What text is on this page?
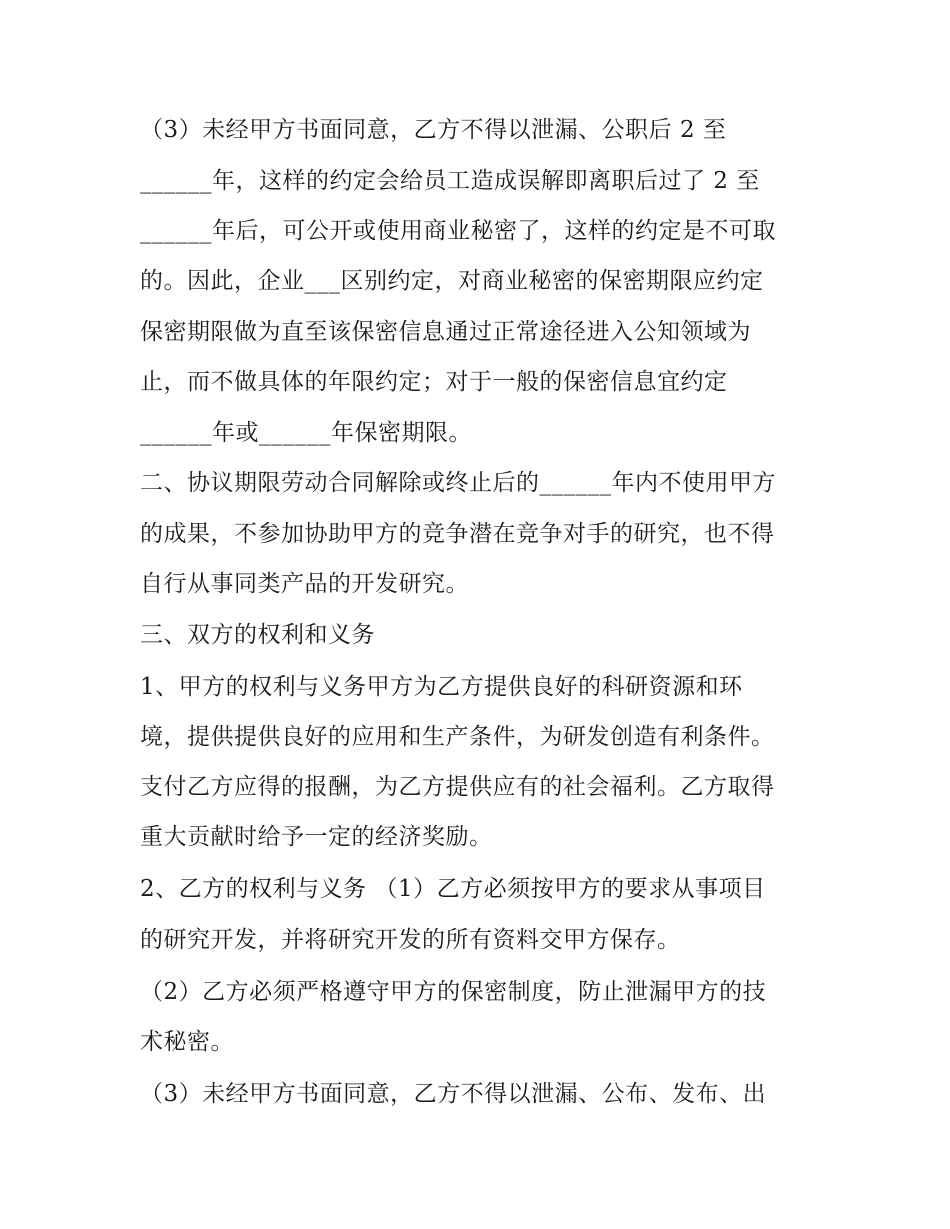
（3）未经甲方书面同意，乙方不得以泄漏、公职后 2 至
______年，这样的约定会给员工造成误解即离职后过了 2 至
______年后，可公开或使用商业秘密了，这样的约定是不可取
的。因此，企业___区别约定，对商业秘密的保密期限应约定
保密期限做为直至该保密信息通过正常途径进入公知领域为
止，而不做具体的年限约定；对于一般的保密信息宜约定
______年或______年保密期限。
二、协议期限劳动合同解除或终止后的______年内不使用甲方
的成果，不参加协助甲方的竞争潜在竞争对手的研究，也不得
自行从事同类产品的开发研究。
三、双方的权利和义务
1、甲方的权利与义务甲方为乙方提供良好的科研资源和环
境，提供提供良好的应用和生产条件，为研发创造有利条件。
支付乙方应得的报酬，为乙方提供应有的社会福利。乙方取得
重大贡献时给予一定的经济奖励。
2、乙方的权利与义务 （1）乙方必须按甲方的要求从事项目
的研究开发，并将研究开发的所有资料交甲方保存。
（2）乙方必须严格遵守甲方的保密制度，防止泄漏甲方的技
术秘密。
（3）未经甲方书面同意，乙方不得以泄漏、公布、发布、出
